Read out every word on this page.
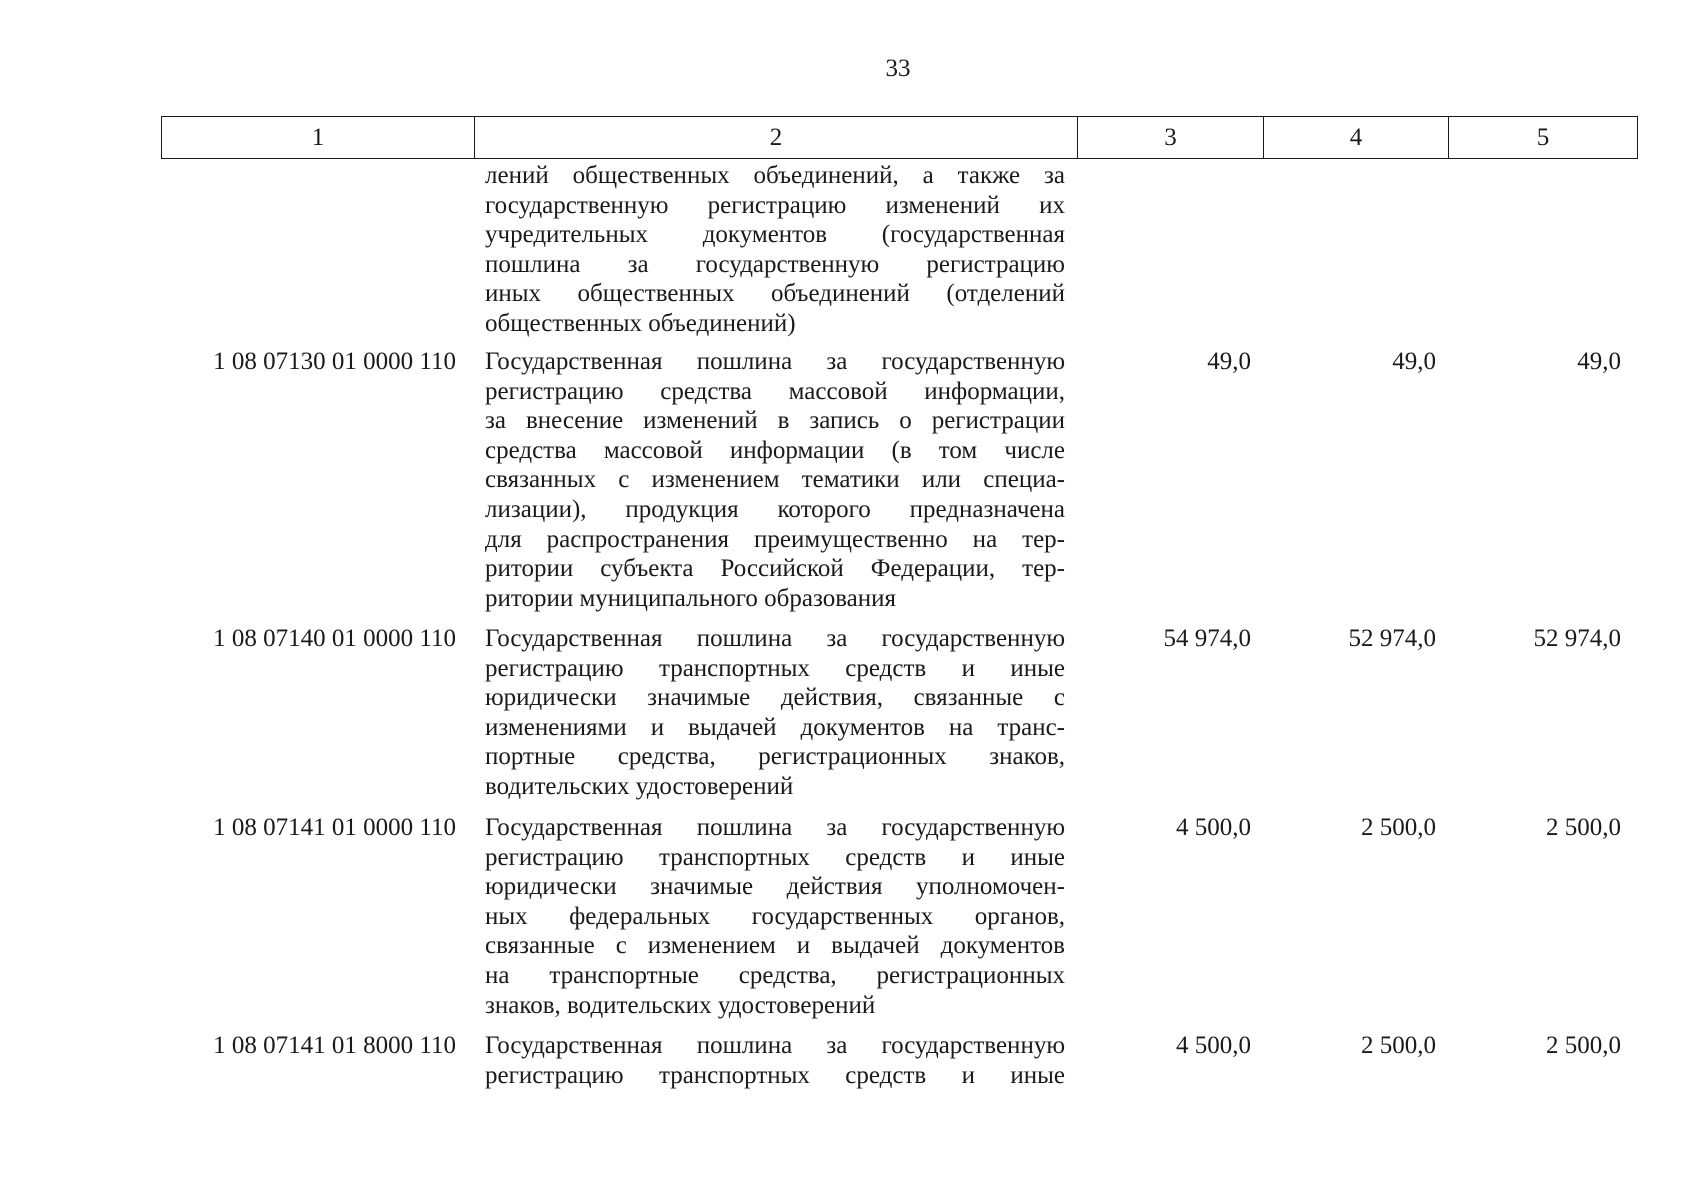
33
1	2	3	4	5
лений общественных объединений, а также за
государственную регистрацию изменений их
учредительных документов (государственная
пошлина за государственную регистрацию
иных общественных объединений (отделений
общественных объединений)
1 08 07130 01 0000 110 Государственная пошлина за государственную
регистрацию средства массовой информации,
за внесение изменений в запись о регистрации
средства массовой информации (в том числе
связанных с изменением тематики или специа-
лизации), продукция которого предназначена
для распространения преимущественно на тер-
ритории субъекта Российской Федерации, тер-
ритории муниципального образования
49,0	49,0	49,0
1 08 07140 01 0000 110 Государственная пошлина за государственную
регистрацию транспортных средств и иные
юридически значимые действия, связанные с
изменениями и выдачей документов на транс-
портные средства, регистрационных знаков,
водительских удостоверений
54 974,0	52 974,0	52 974,0
1 08 07141 01 0000 110 Государственная пошлина за государственную
регистрацию транспортных средств и иные
юридически значимые действия уполномочен-
ных федеральных государственных органов,
связанные с изменением и выдачей документов
на транспортные средства, регистрационных
знаков, водительских удостоверений
4 500,0	2 500,0	2 500,0
1 08 07141 01 8000 110 Государственная пошлина за государственную
регистрацию транспортных средств и иные
4 500,0	2 500,0	2 500,0
